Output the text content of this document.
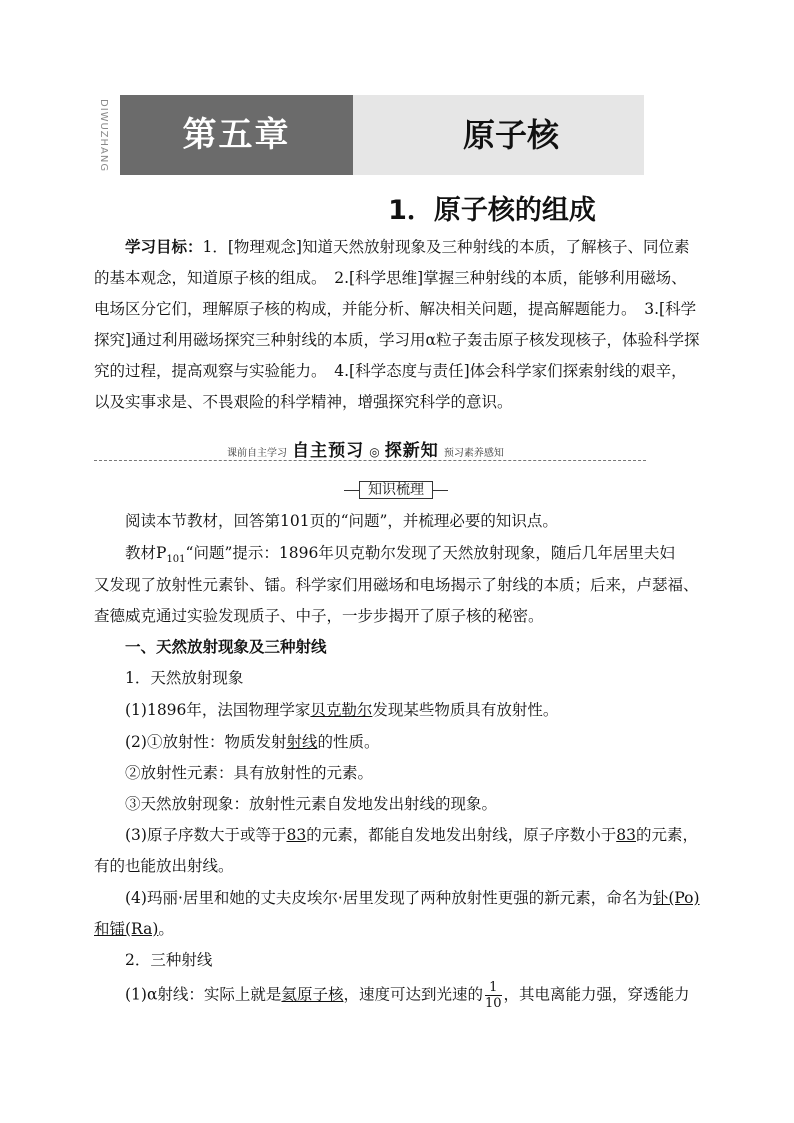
DIWUZHANG	第五章	原子核
1．原子核的组成

学习目标：1．[物理观念]知道天然放射现象及三种射线的本质，了解核子、同位素的基本观念，知道原子核的组成。　2.[科学思维]掌握三种射线的本质，能够利用磁场、电场区分它们，理解原子核的构成，并能分析、解决相关问题，提高解题能力。　3.[科学探究]通过利用磁场探究三种射线的本质，学习用α粒子轰击原子核发现核子，体验科学探究的过程，提高观察与实验能力。　4.[科学态度与责任]体会科学家们探索射线的艰辛，以及实事求是、不畏艰险的科学精神，增强探究科学的意识。

课前自主学习 自主预习 ◎ 探新知 预习素养感知
知识梳理
阅读本节教材，回答第101页的“问题”，并梳理必要的知识点。
教材$P_{101}“$问题”提示：1896年贝克勒尔发现了天然放射现象，随后几年居里夫妇
又发现了放射性元素钋、镭。科学家们用磁场和电场揭示了射线的本质；后来，卢瑟福、
查德威克通过实验发现质子、中子，一步步揭开了原子核的秘密。
一、天然放射现象及三种射线
1．天然放射现象
(1)1896年，法国物理学家贝克勒尔发现某些物质具有放射性。
(2)①放射性：物质发射射线的性质。
②放射性元素：具有放射性的元素。
③天然放射现象：放射性元素自发地发出射线的现象。
(3)原子序数大于或等于83的元素，都能自发地发出射线，原子序数小于83的元素，
有的也能放出射线。
(4)玛丽·居里和她的丈夫皮埃尔·居里发现了两种放射性更强的新元素，命名为钋(Po)
和镭(Ra)。
2．三种射线
(1)α射线：实际上就是氦原子核，速度可达到光速的 $\frac{1}{10}$ ，其电离能力强，穿透能力
